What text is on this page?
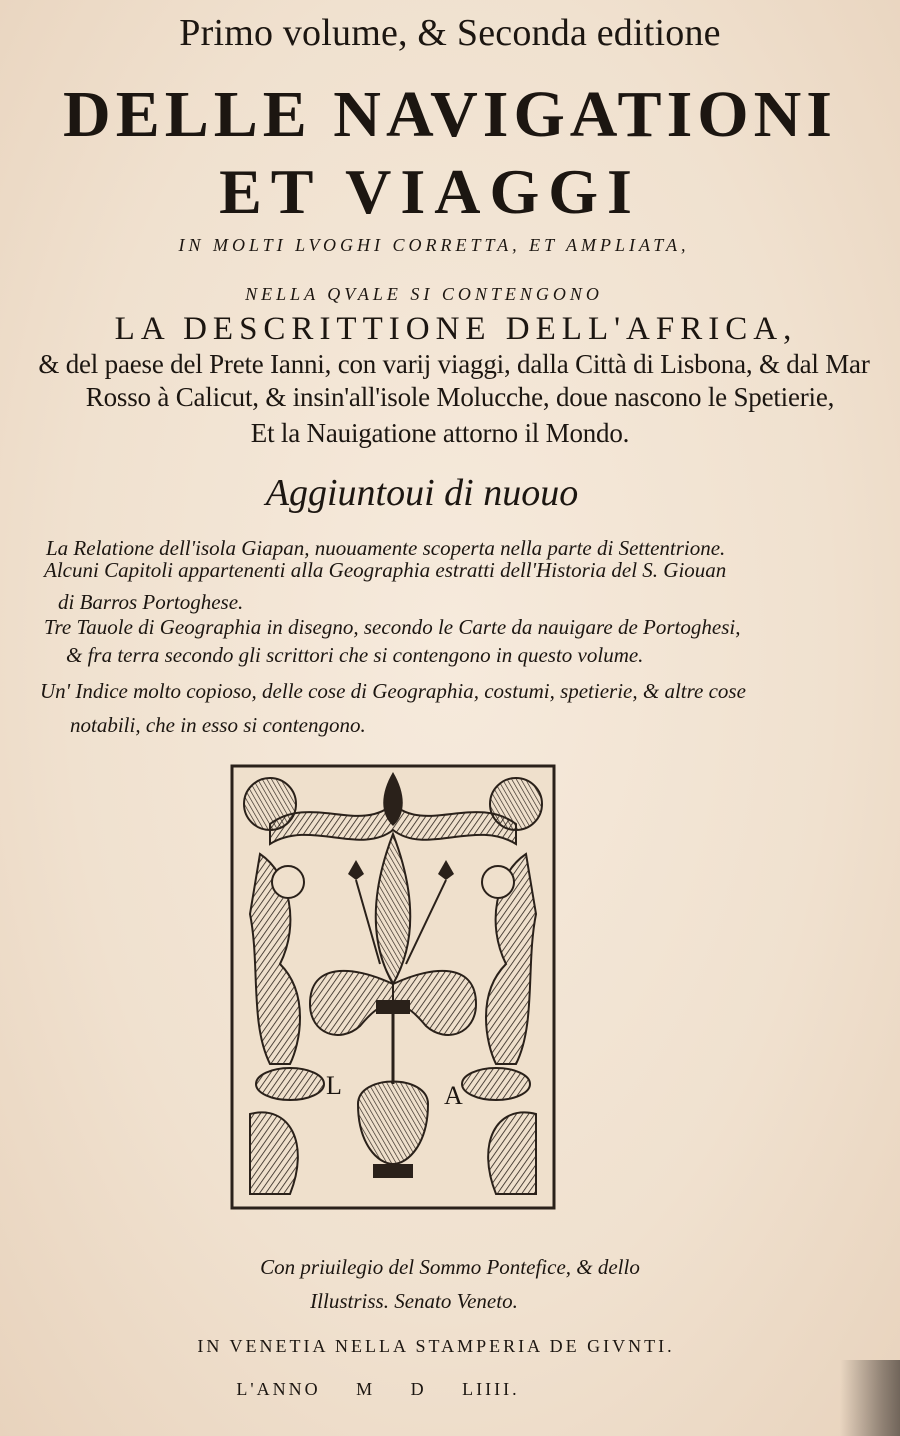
Primo volume, & Seconda editione
DELLE NAVIGATIONI
ET VIAGGI
IN MOLTI LVOGHI CORRETTA, ET AMPLIATA,
NELLA QVALE SI CONTENGONO
LA DESCRITTIONE DELL'AFRICA,
& del paese del Prete Ianni, con varij viaggi, dalla Città di Lisbona, & dal Mar
Rosso à Calicut, & insin'all'isole Molucche, doue nascono le Spetierie,
Et la Nauigatione attorno il Mondo.
Aggiuntoui di nuouo
La Relatione dell'isola Giapan, nuouamente scoperta nella parte di Settentrione.
Alcuni Capitoli appartenenti alla Geographia estratti dell'Historia del S. Giouan
di Barros Portoghese.
Tre Tauole di Geographia in disegno, secondo le Carte da nauigare de Portoghesi,
& fra terra secondo gli scrittori che si contengono in questo volume.
Un' Indice molto copioso, delle cose di Geographia, costumi, spetierie, & altre cose
notabili, che in esso si contengono.
L	A
Con priuilegio del Sommo Pontefice, & dello
Illustriss. Senato Veneto.
IN VENETIA NELLA STAMPERIA DE GIVNTI.
L'ANNO M D LIIII.
